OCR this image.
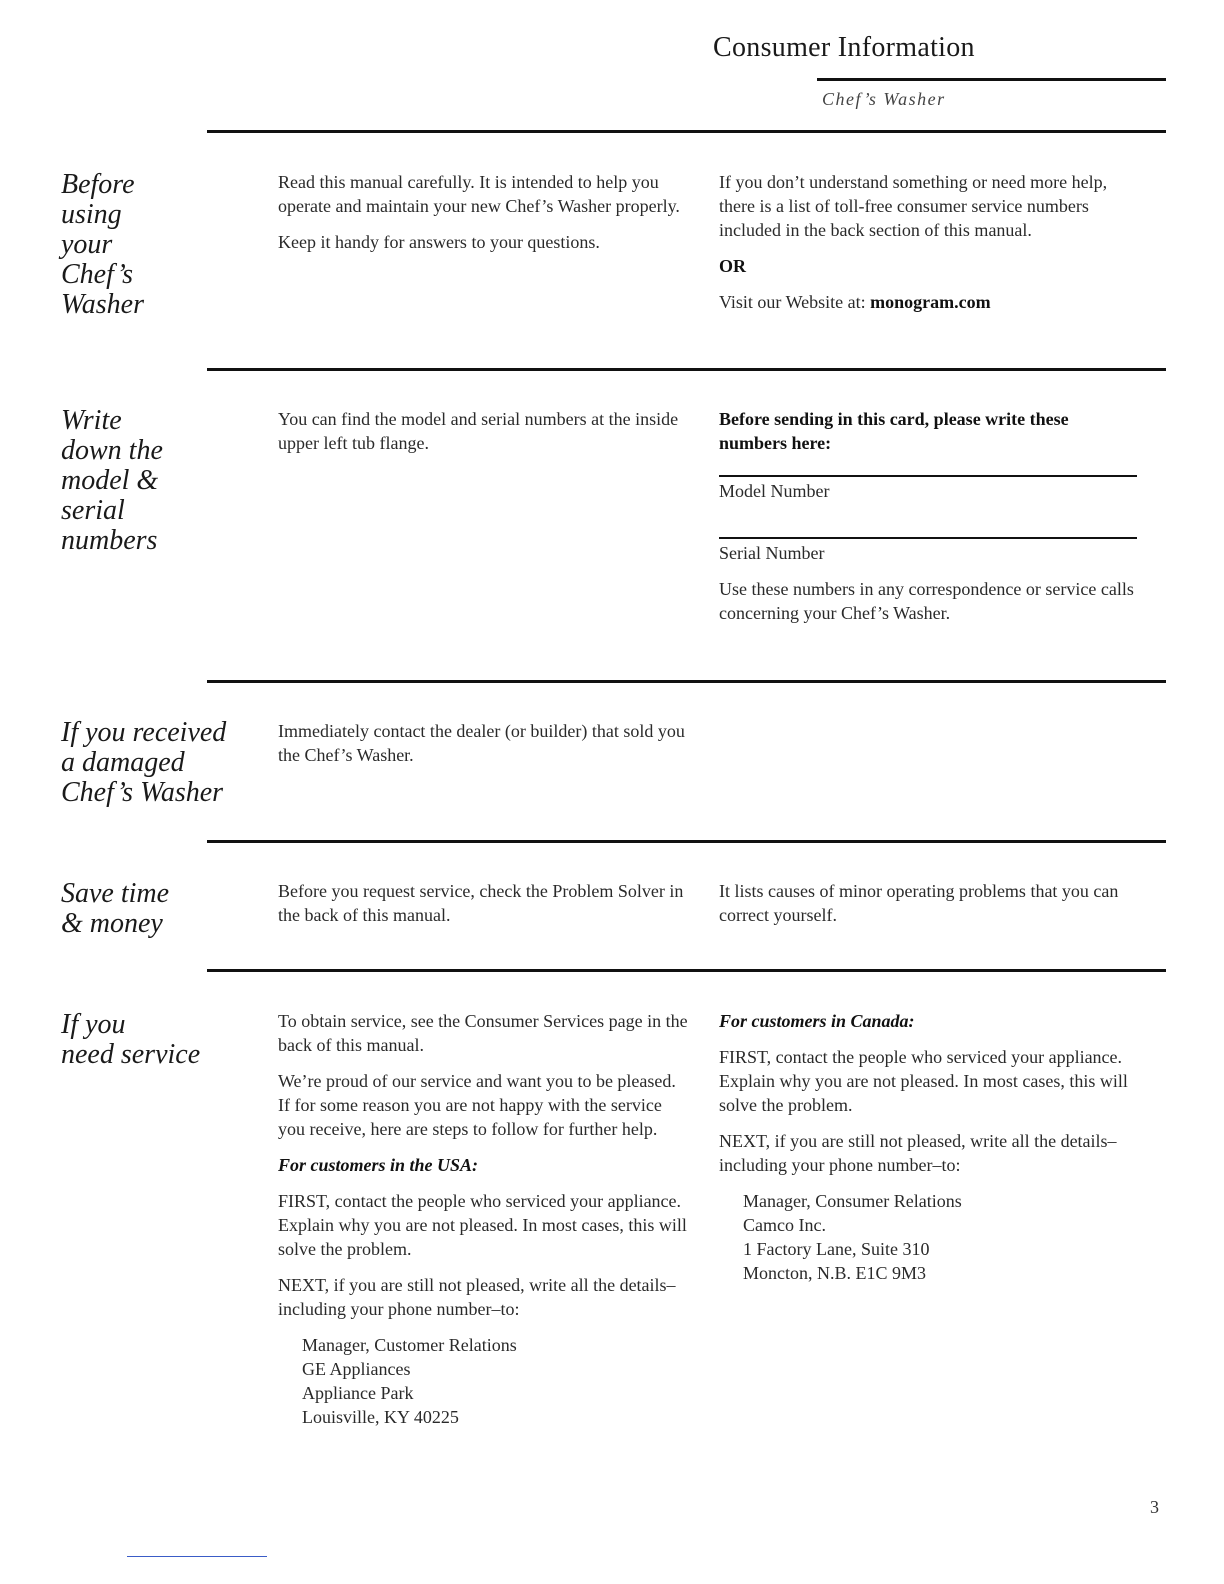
Consumer Information
Chef’s Washer
Before
using
your
Chef’s
Washer

Read this manual carefully. It is intended to help you operate and maintain your new Chef’s Washer properly.

Keep it handy for answers to your questions.

If you don’t understand something or need more help, there is a list of toll-free consumer service numbers included in the back section of this manual.

OR

Visit our Website at: monogram.com

Write
down the
model &
serial
numbers

You can find the model and serial numbers at the inside upper left tub flange.

Before sending in this card, please write these numbers here:

Model Number

Serial Number

Use these numbers in any correspondence or service calls concerning your Chef’s Washer.

If you received
a damaged
Chef’s Washer

Immediately contact the dealer (or builder) that sold you the Chef’s Washer.

Save time
& money

Before you request service, check the Problem Solver in the back of this manual.

It lists causes of minor operating problems that you can correct yourself.

If you
need service

To obtain service, see the Consumer Services page in the back of this manual.

We’re proud of our service and want you to be pleased. If for some reason you are not happy with the service you receive, here are steps to follow for further help.

For customers in the USA:

FIRST, contact the people who serviced your appliance. Explain why you are not pleased. In most cases, this will solve the problem.

NEXT, if you are still not pleased, write all the details–including your phone number–to:

Manager, Customer Relations
GE Appliances
Appliance Park
Louisville, KY 40225

For customers in Canada:

FIRST, contact the people who serviced your appliance. Explain why you are not pleased. In most cases, this will solve the problem.

NEXT, if you are still not pleased, write all the details–including your phone number–to:

Manager, Consumer Relations
Camco Inc.
1 Factory Lane, Suite 310
Moncton, N.B. E1C 9M3
3
